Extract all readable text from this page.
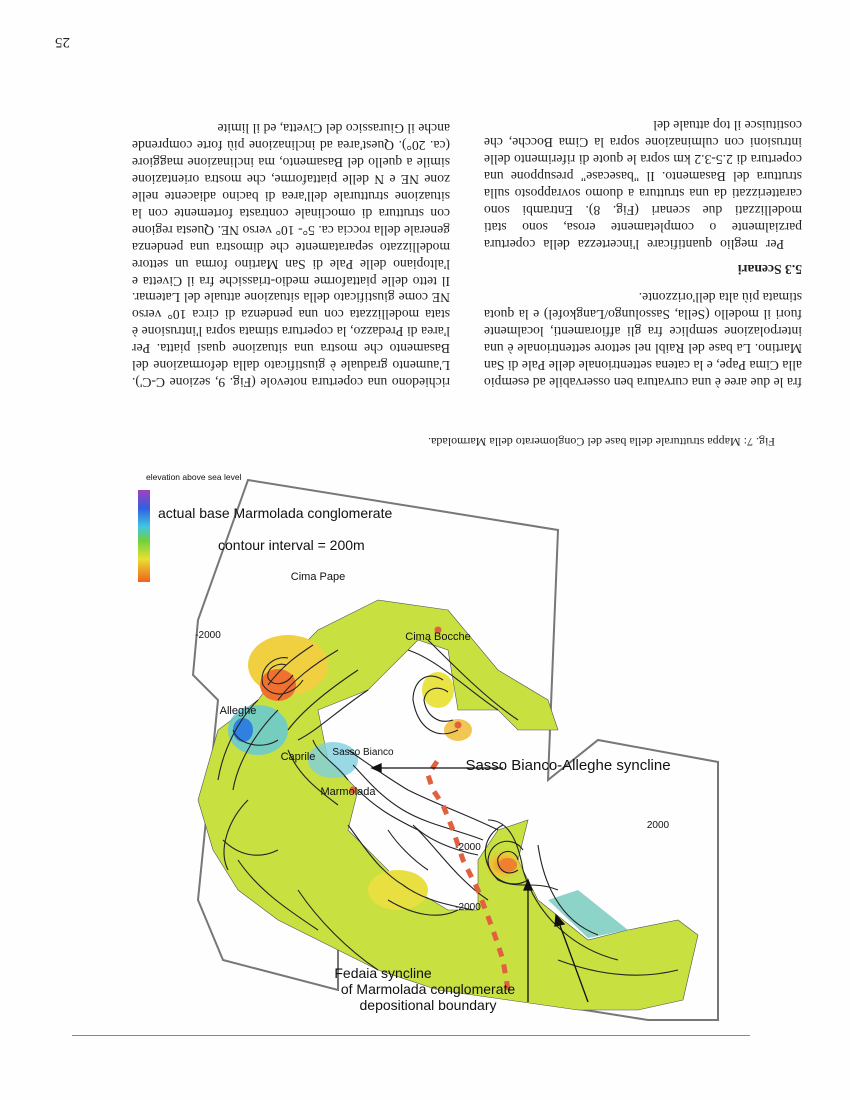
25

richiedono una copertura notevole (Fig. 9, sezione C-C'). L'aumento graduale è giustificato dalla deformazione del Basamento che mostra una situazione quasi piatta. Per l'area di Predazzo, la copertura stimata sopra l'intrusione è stata modellizzata con una pendenza di circa 10° verso NE come giustificato della situazione attuale del Latemar. Il tetto delle piattaforme medio-triassiche fra il Civetta e l'altopiano delle Pale di San Martino forma un settore modellizzato separatamente che dimostra una pendenza generale della roccia ca. 5°- 10° verso NE. Questa regione con struttura di omoclinale contrasta fortemente con la situazione strutturale dell'area di bacino adiacente nelle zone NE e N delle piattaforme, che mostra orientazione simile a quello del Basamento, ma inclinazione maggiore (ca. 20°). Quest'area ad inclinazione più forte comprende anche il Giurassico del Civetta, ed il limite

fra le due aree è una curvatura ben osservabile ad esempio alla Cima Pape, e la catena settentrionale delle Pale di San Martino. La base del Raibl nel settore settentrionale è una interpolazione semplice fra gli affioramenti, localmente fuori il modello (Sella, Sassolungo/Langkofel) e la quota stimata più alta dell'orizzonte.

5.3 Scenari

Per meglio quantificare l'incertezza della copertura parzialmente o completamente erosa, sono stati modellizzati due scenari (Fig. 8). Entrambi sono caratterizzati da una struttura a duomo sovrapposto sulla struttura del Basamento. Il "basecase" presuppone una copertura di 2.5-3.2 km sopra le quote di riferimento delle intrusioni con culminazione sopra la Cima Bocche, che costituisce il top attuale del

Fig. 7: Mappa strutturale della base del Conglomerato della Marmolada.
depositional boundary
of Marmolada conglomerate
Fedaia syncline
Sasso Bianco-Alleghe syncline
Marmolada
Caprile
Alleghe
Cima Bocche
Cima Pape
Sasso Bianco
-2000
2000
-2000
-2000
actual base Marmolada conglomerate
contour interval = 200m
elevation above sea level
